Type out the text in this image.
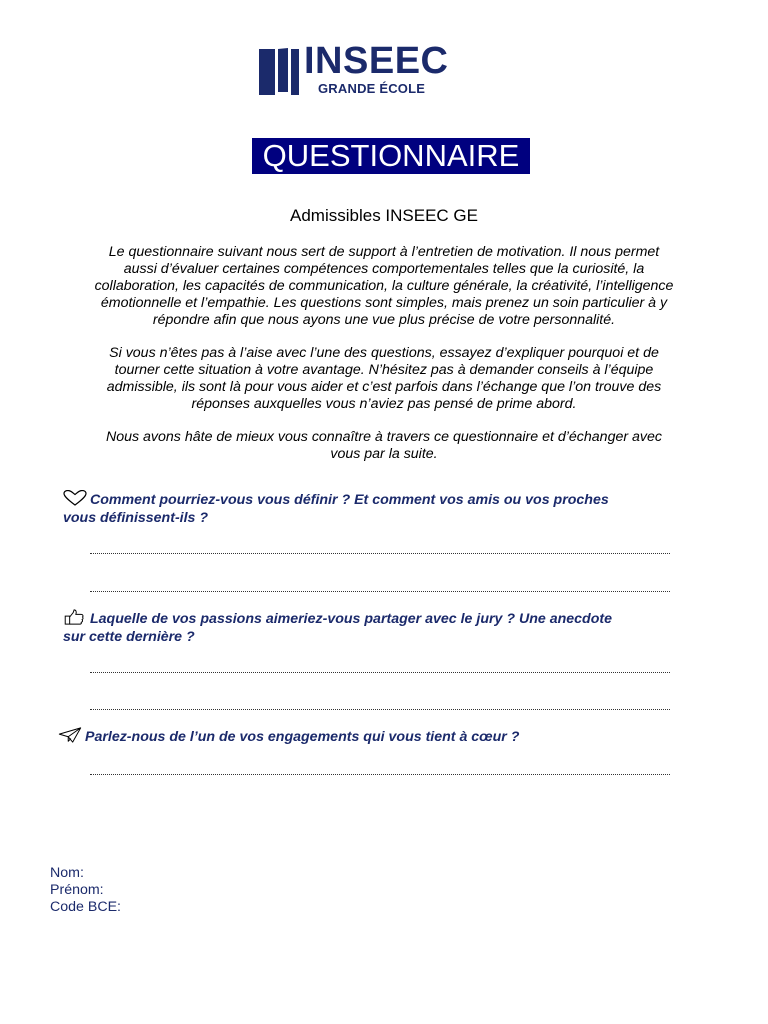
INSEEC
GRANDE ÉCOLE
QUESTIONNAIRE
Admissibles INSEEC GE
Le questionnaire suivant nous sert de support à l’entretien de motivation. Il nous permet
aussi d’évaluer certaines compétences comportementales telles que la curiosité, la
collaboration, les capacités de communication, la culture générale, la créativité, l’intelligence
émotionnelle et l’empathie. Les questions sont simples, mais prenez un soin particulier à y
répondre afin que nous ayons une vue plus précise de votre personnalité.
Si vous n’êtes pas à l’aise avec l’une des questions, essayez d’expliquer pourquoi et de
tourner cette situation à votre avantage. N’hésitez pas à demander conseils à l’équipe
admissible, ils sont là pour vous aider et c’est parfois dans l’échange que l’on trouve des
réponses auxquelles vous n’aviez pas pensé de prime abord.
Nous avons hâte de mieux vous connaître à travers ce questionnaire et d’échanger avec
vous par la suite.
Comment pourriez-vous vous définir ? Et comment vos amis ou vos proches
vous définissent-ils ?
Laquelle de vos passions aimeriez-vous partager avec le jury ? Une anecdote
sur cette dernière ?
Parlez-nous de l’un de vos engagements qui vous tient à cœur ?
Nom:
Prénom:
Code BCE:
